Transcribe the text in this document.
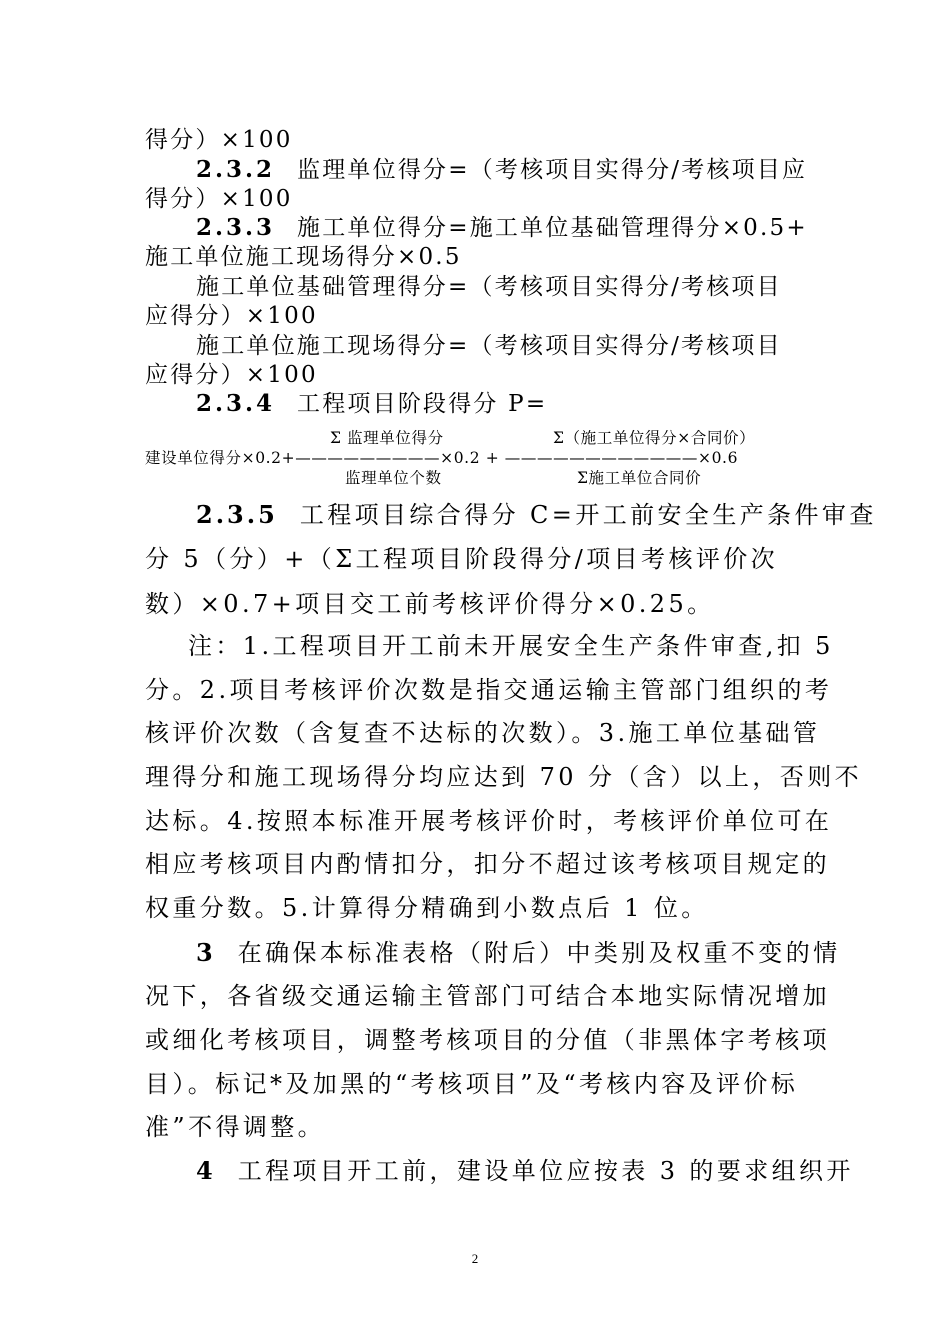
得分）×100
2.3.2 监理单位得分=（考核项目实得分/考核项目应
得分）×100
2.3.3 施工单位得分=施工单位基础管理得分×0.5+
施工单位施工现场得分×0.5
施工单位基础管理得分=（考核项目实得分/考核项目
应得分）×100
施工单位施工现场得分=（考核项目实得分/考核项目
应得分）×100
2.3.4 工程项目阶段得分 P=
Σ 监理单位得分	Σ（施工单位得分×合同价）
建设单位得分×0.2+—————————×0.2 + ————————————×0.6
监理单位个数	Σ施工单位合同价
2.3.5 工程项目综合得分 C=开工前安全生产条件审查
分 5（分）+（Σ工程项目阶段得分/项目考核评价次
数）×0.7+项目交工前考核评价得分×0.25。
注：1.工程项目开工前未开展安全生产条件审查,扣 5
分。2.项目考核评价次数是指交通运输主管部门组织的考
核评价次数（含复查不达标的次数）。3.施工单位基础管
理得分和施工现场得分均应达到 70 分（含）以上，否则不
达标。4.按照本标准开展考核评价时，考核评价单位可在
相应考核项目内酌情扣分，扣分不超过该考核项目规定的
权重分数。5.计算得分精确到小数点后 1 位。
3 在确保本标准表格（附后）中类别及权重不变的情
况下，各省级交通运输主管部门可结合本地实际情况增加
或细化考核项目，调整考核项目的分值（非黑体字考核项
目）。标记*及加黑的“考核项目”及“考核内容及评价标
准”不得调整。
4 工程项目开工前，建设单位应按表 3 的要求组织开
2
